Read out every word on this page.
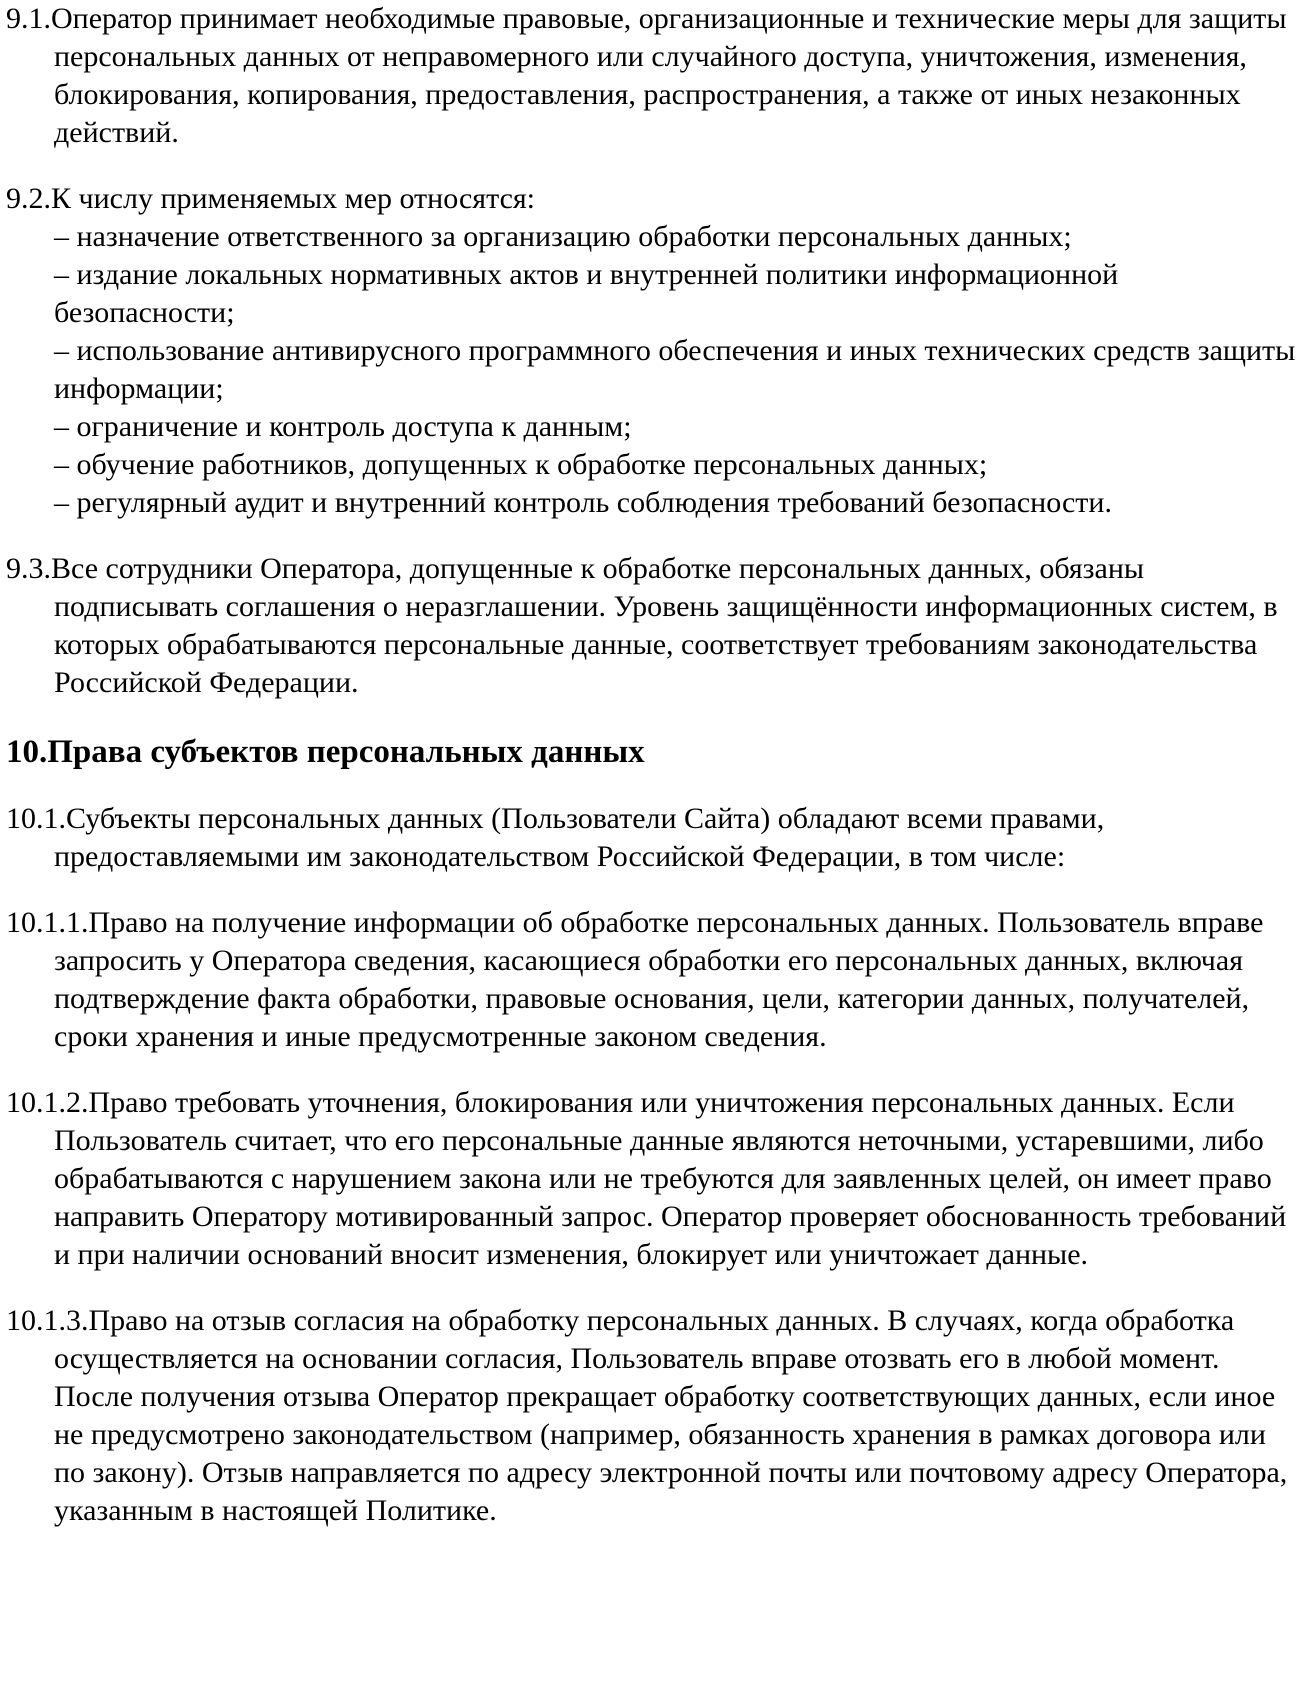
9.1.Оператор принимает необходимые правовые, организационные и технические меры для защиты персональных данных от неправомерного или случайного доступа, уничтожения, изменения, блокирования, копирования, предоставления, распространения, а также от иных незаконных действий.
9.2.К числу применяемых мер относятся:
– назначение ответственного за организацию обработки персональных данных;
– издание локальных нормативных актов и внутренней политики информационной безопасности;
– использование антивирусного программного обеспечения и иных технических средств защиты информации;
– ограничение и контроль доступа к данным;
– обучение работников, допущенных к обработке персональных данных;
– регулярный аудит и внутренний контроль соблюдения требований безопасности.
9.3.Все сотрудники Оператора, допущенные к обработке персональных данных, обязаны подписывать соглашения о неразглашении. Уровень защищённости информационных систем, в которых обрабатываются персональные данные, соответствует требованиям законодательства Российской Федерации.
10.Права субъектов персональных данных
10.1.Субъекты персональных данных (Пользователи Сайта) обладают всеми правами, предоставляемыми им законодательством Российской Федерации, в том числе:
10.1.1.Право на получение информации об обработке персональных данных. Пользователь вправе запросить у Оператора сведения, касающиеся обработки его персональных данных, включая подтверждение факта обработки, правовые основания, цели, категории данных, получателей, сроки хранения и иные предусмотренные законом сведения.
10.1.2.Право требовать уточнения, блокирования или уничтожения персональных данных. Если Пользователь считает, что его персональные данные являются неточными, устаревшими, либо обрабатываются с нарушением закона или не требуются для заявленных целей, он имеет право направить Оператору мотивированный запрос. Оператор проверяет обоснованность требований и при наличии оснований вносит изменения, блокирует или уничтожает данные.
10.1.3.Право на отзыв согласия на обработку персональных данных. В случаях, когда обработка осуществляется на основании согласия, Пользователь вправе отозвать его в любой момент. После получения отзыва Оператор прекращает обработку соответствующих данных, если иное не предусмотрено законодательством (например, обязанность хранения в рамках договора или по закону). Отзыв направляется по адресу электронной почты или почтовому адресу Оператора, указанным в настоящей Политике.
